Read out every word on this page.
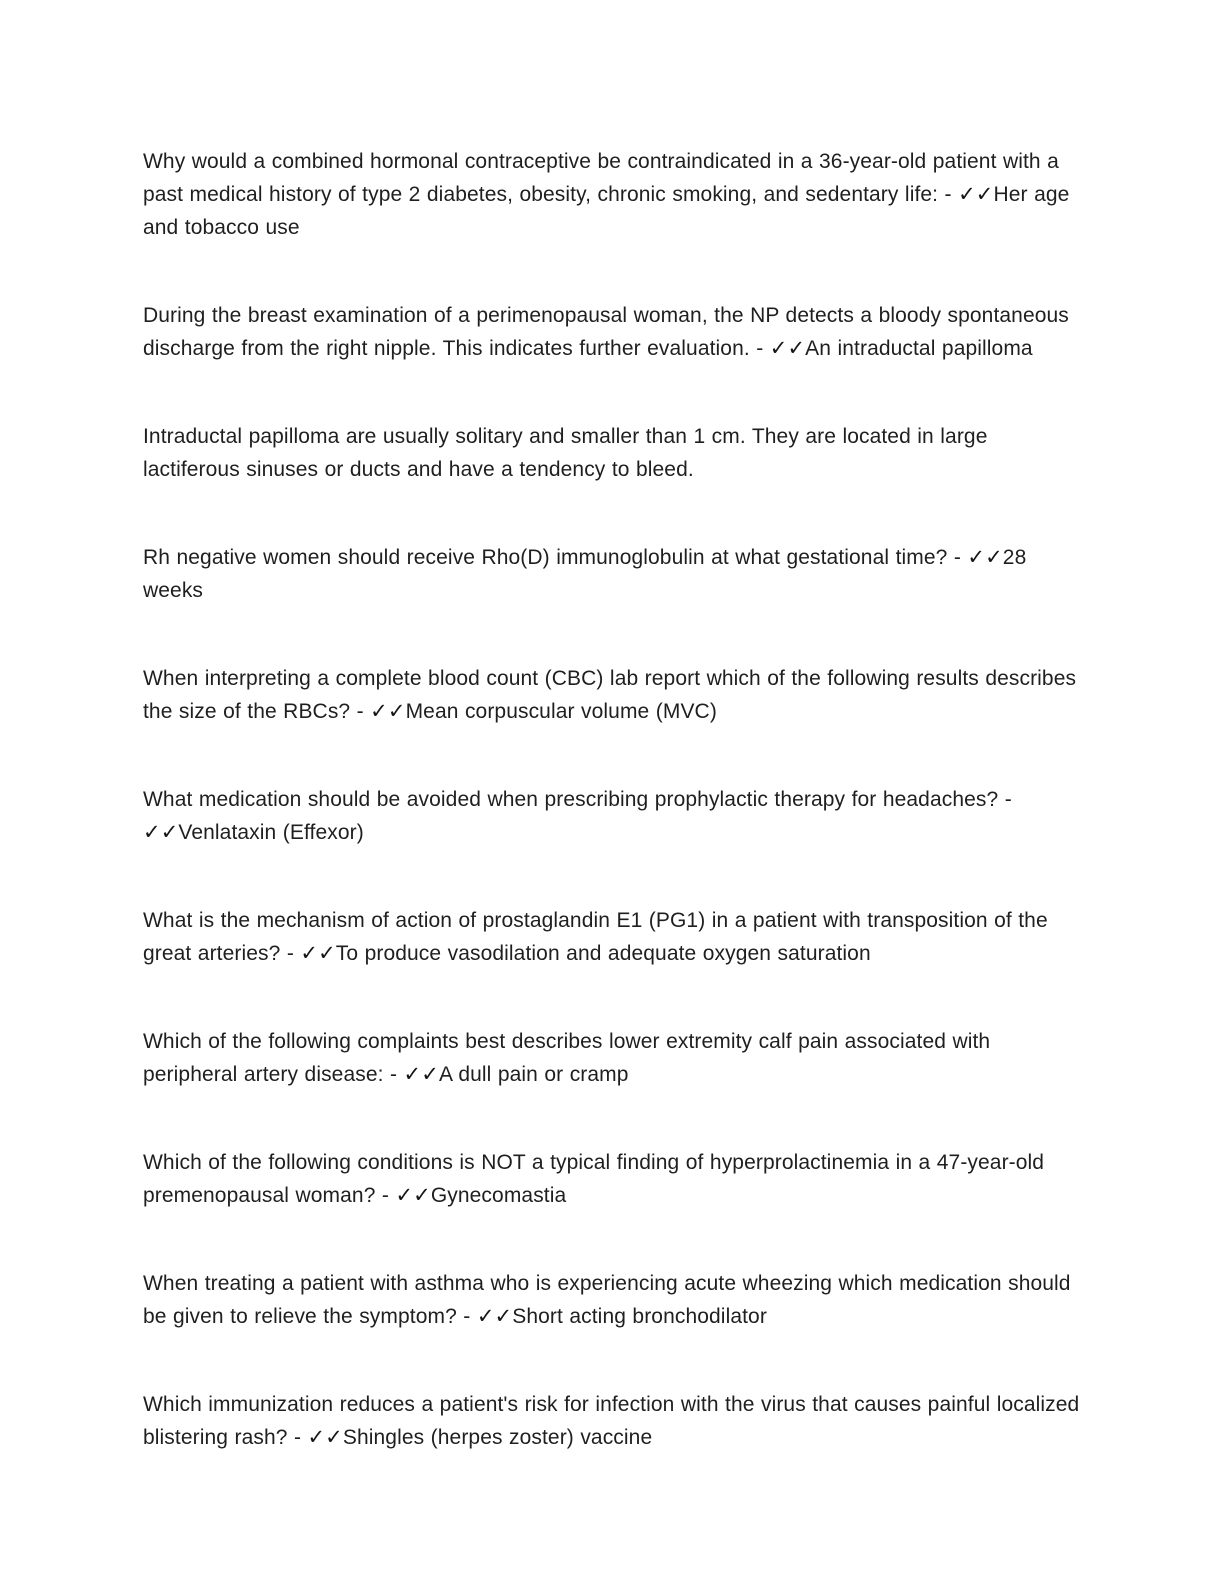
Why would a combined hormonal contraceptive be contraindicated in a 36-year-old patient with a past medical history of type 2 diabetes, obesity, chronic smoking, and sedentary life: - ✓✓Her age and tobacco use

During the breast examination of a perimenopausal woman, the NP detects a bloody spontaneous discharge from the right nipple. This indicates further evaluation. - ✓✓An intraductal papilloma

Intraductal papilloma are usually solitary and smaller than 1 cm. They are located in large lactiferous sinuses or ducts and have a tendency to bleed.

Rh negative women should receive Rho(D) immunoglobulin at what gestational time? - ✓✓28 weeks

When interpreting a complete blood count (CBC) lab report which of the following results describes the size of the RBCs? - ✓✓Mean corpuscular volume (MVC)

What medication should be avoided when prescribing prophylactic therapy for headaches? - ✓✓Venlataxin (Effexor)

What is the mechanism of action of prostaglandin E1 (PG1) in a patient with transposition of the great arteries? - ✓✓To produce vasodilation and adequate oxygen saturation

Which of the following complaints best describes lower extremity calf pain associated with peripheral artery disease: - ✓✓A dull pain or cramp

Which of the following conditions is NOT a typical finding of hyperprolactinemia in a 47-year-old premenopausal woman? - ✓✓Gynecomastia

When treating a patient with asthma who is experiencing acute wheezing which medication should be given to relieve the symptom? - ✓✓Short acting bronchodilator

Which immunization reduces a patient's risk for infection with the virus that causes painful localized blistering rash? - ✓✓Shingles (herpes zoster) vaccine
